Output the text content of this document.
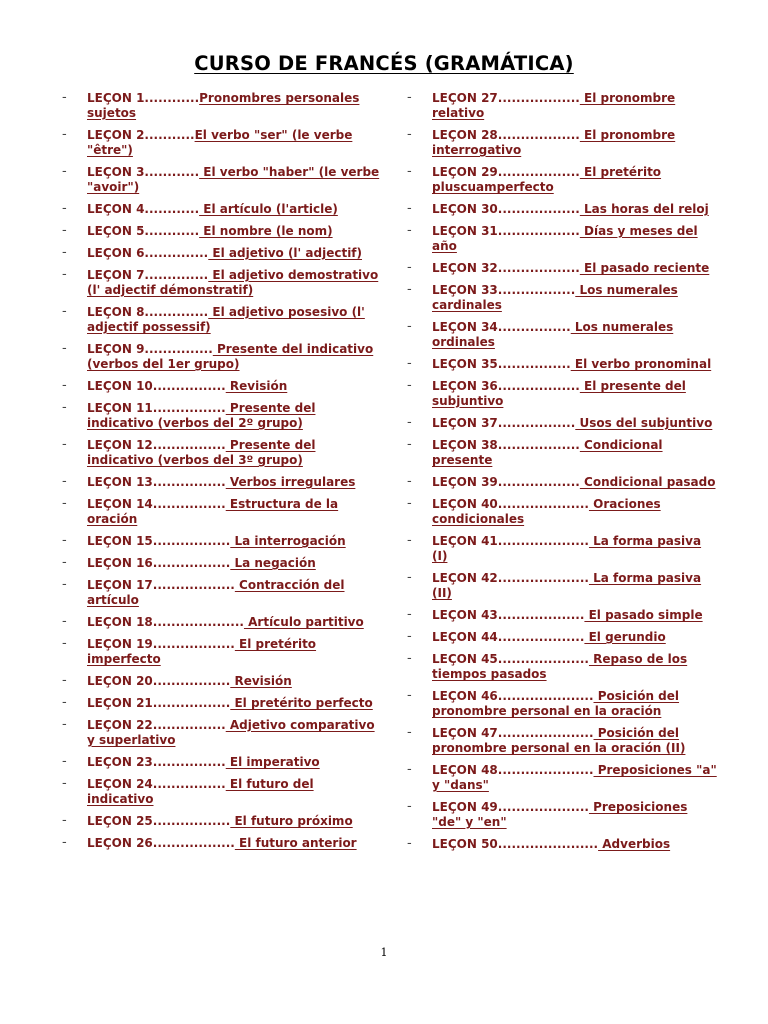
CURSO DE FRANCÉS (GRAMÁTICA)
- LEÇON 1............Pronombres personales sujetos
- LEÇON 2...........El verbo "ser" (le verbe "être")
- LEÇON 3............ El verbo "haber" (le verbe "avoir")
- LEÇON 4............ El artículo (l'article)
- LEÇON 5............ El nombre (le nom)
- LEÇON 6.............. El adjetivo (l' adjectif)
- LEÇON 7.............. El adjetivo demostrativo (l' adjectif démonstratif)
- LEÇON 8.............. El adjetivo posesivo (l' adjectif possessif)
- LEÇON 9............... Presente del indicativo (verbos del 1er grupo)
- LEÇON 10................ Revisión
- LEÇON 11................ Presente del indicativo (verbos del 2º grupo)
- LEÇON 12................ Presente del indicativo (verbos del 3º grupo)
- LEÇON 13................ Verbos irregulares
- LEÇON 14................ Estructura de la oración
- LEÇON 15................. La interrogación
- LEÇON 16................. La negación
- LEÇON 17.................. Contracción del artículo
- LEÇON 18.................... Artículo partitivo
- LEÇON 19.................. El pretérito imperfecto
- LEÇON 20................. Revisión
- LEÇON 21................. El pretérito perfecto
- LEÇON 22................ Adjetivo comparativo y superlativo
- LEÇON 23................ El imperativo
- LEÇON 24................ El futuro del indicativo
- LEÇON 25................. El futuro próximo
- LEÇON 26.................. El futuro anterior
- LEÇON 27.................. El pronombre relativo
- LEÇON 28.................. El pronombre interrogativo
- LEÇON 29.................. El pretérito pluscuamperfecto
- LEÇON 30.................. Las horas del reloj
- LEÇON 31.................. Días y meses del año
- LEÇON 32.................. El pasado reciente
- LEÇON 33................. Los numerales cardinales
- LEÇON 34................ Los numerales ordinales
- LEÇON 35................ El verbo pronominal
- LEÇON 36.................. El presente del subjuntivo
- LEÇON 37................. Usos del subjuntivo
- LEÇON 38.................. Condicional presente
- LEÇON 39.................. Condicional pasado
- LEÇON 40.................... Oraciones condicionales
- LEÇON 41.................... La forma pasiva (I)
- LEÇON 42.................... La forma pasiva (II)
- LEÇON 43................... El pasado simple
- LEÇON 44................... El gerundio
- LEÇON 45.................... Repaso de los tiempos pasados
- LEÇON 46..................... Posición del pronombre personal en la oración
- LEÇON 47..................... Posición del pronombre personal en la oración (II)
- LEÇON 48..................... Preposiciones "a" y "dans"
- LEÇON 49.................... Preposiciones "de" y "en"
- LEÇON 50...................... Adverbios
1
